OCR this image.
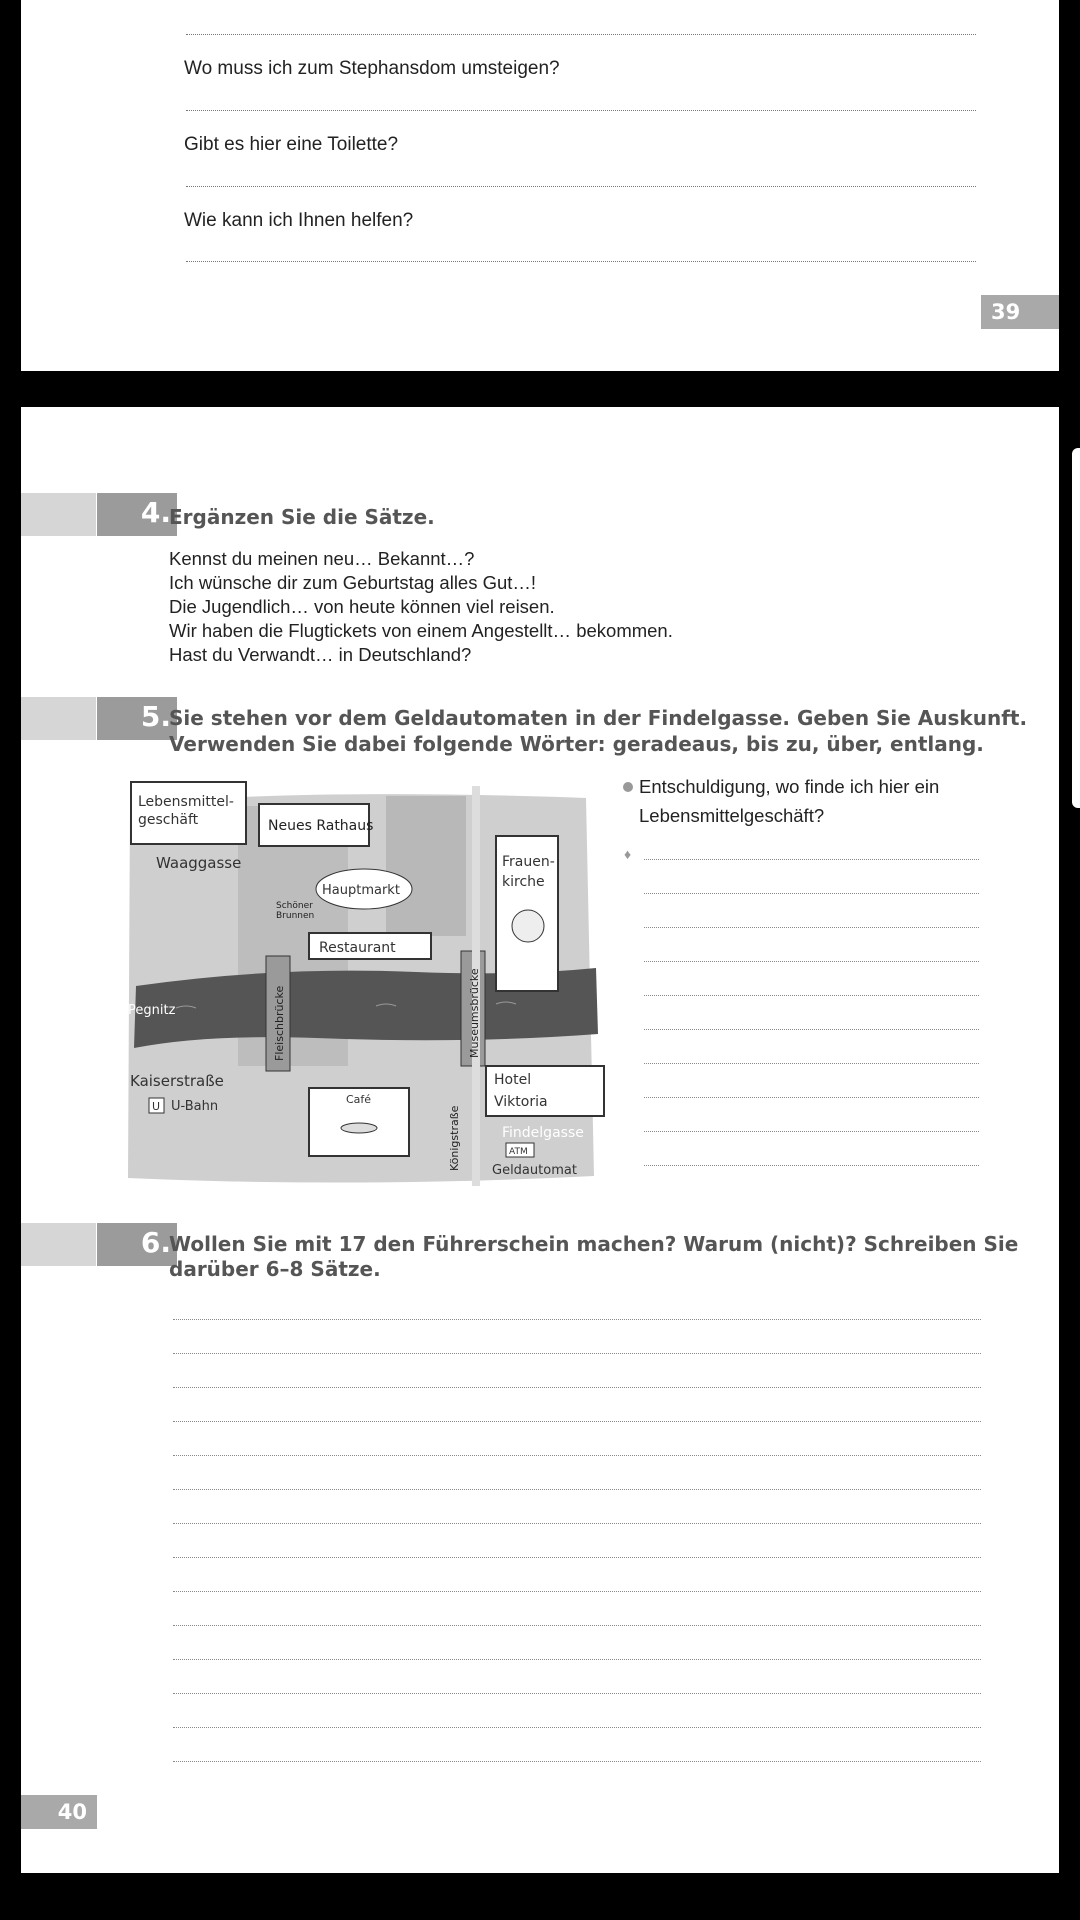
Wo muss ich zum Stephansdom umsteigen?
Gibt es hier eine Toilette?
Wie kann ich Ihnen helfen?
39
4.
Ergänzen Sie die Sätze.
Kennst du meinen neu… Bekannt…?
Ich wünsche dir zum Geburtstag alles Gut…!
Die Jugendlich… von heute können viel reisen.
Wir haben die Flugtickets von einem Angestellt… bekommen.
Hast du Verwandt… in Deutschland?
5.
Sie stehen vor dem Geldautomaten in der Findelgasse. Geben Sie Auskunft.
Verwenden Sie dabei folgende Wörter: geradeaus, bis zu, über, entlang.
Lebensmittel-
geschäft	Neues Rathaus
Waaggasse
Hauptmarkt
Schöner
Brunnen
Frauen-
kirche
Restaurant
Pegnitz	Fleischbrücke	Museumsbrücke
Kaiserstraße
U U-Bahn	Café
Königstraße
Hotel
Viktoria
Findelgasse
ATM
Geldautomat
Entschuldigung, wo finde ich hier ein
Lebensmittelgeschäft?
♦
6.
Wollen Sie mit 17 den Führerschein machen? Warum (nicht)? Schreiben Sie
darüber 6–8 Sätze.
40
